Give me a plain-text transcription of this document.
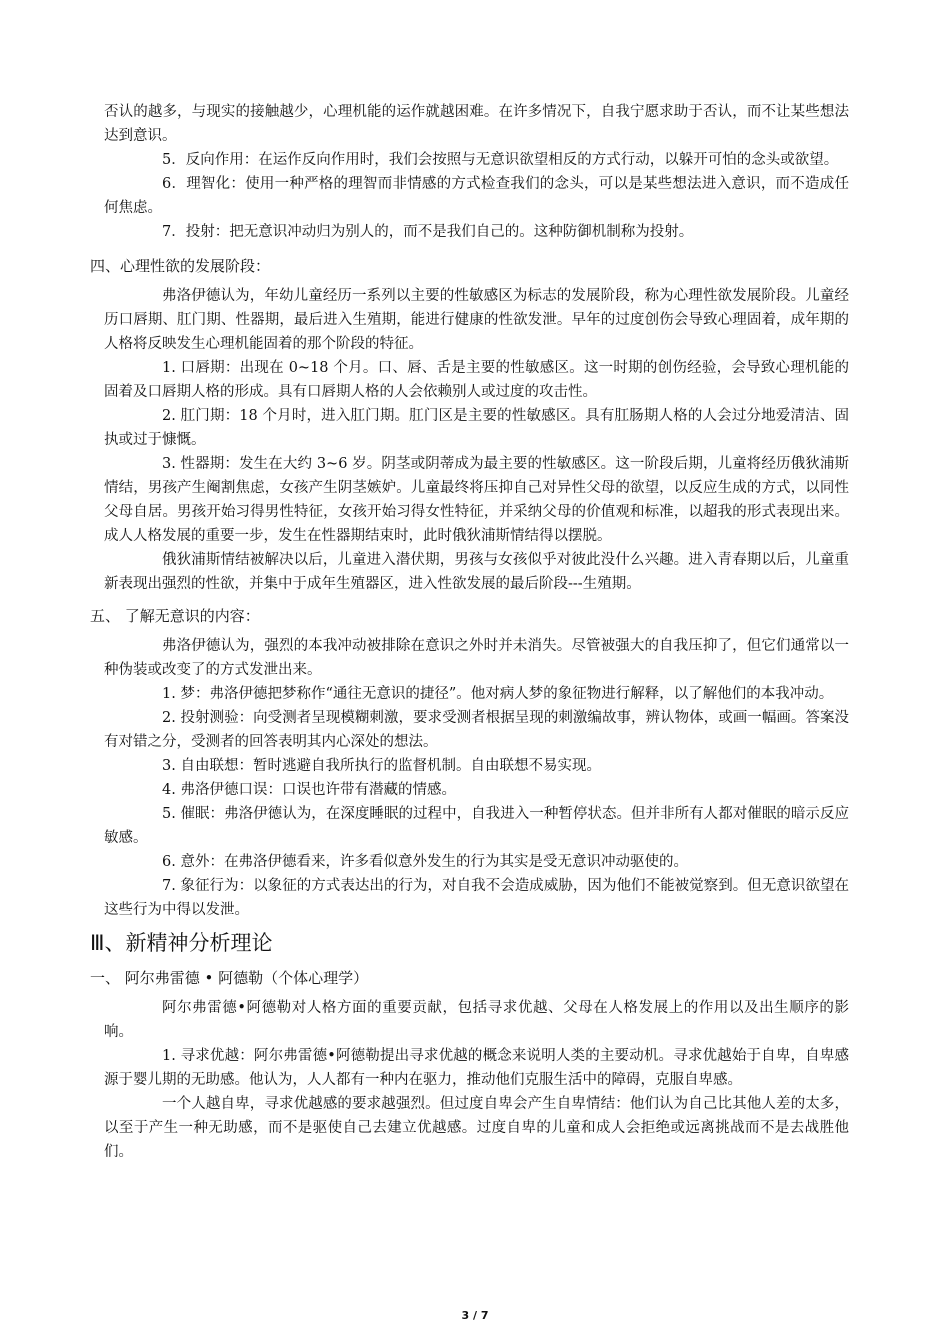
否认的越多，与现实的接触越少，心理机能的运作就越困难。在许多情况下，自我宁愿求助于否认，而不让某些想法达到意识。

5．反向作用：在运作反向作用时，我们会按照与无意识欲望相反的方式行动，以躲开可怕的念头或欲望。

6．理智化：使用一种严格的理智而非情感的方式检查我们的念头，可以是某些想法进入意识，而不造成任何焦虑。

7．投射：把无意识冲动归为别人的，而不是我们自己的。这种防御机制称为投射。

四、心理性欲的发展阶段：

弗洛伊德认为，年幼儿童经历一系列以主要的性敏感区为标志的发展阶段，称为心理性欲发展阶段。儿童经历口唇期、肛门期、性器期，最后进入生殖期，能进行健康的性欲发泄。早年的过度创伤会导致心理固着，成年期的人格将反映发生心理机能固着的那个阶段的特征。

1. 口唇期：出现在 0~18 个月。口、唇、舌是主要的性敏感区。这一时期的创伤经验，会导致心理机能的固着及口唇期人格的形成。具有口唇期人格的人会依赖别人或过度的攻击性。

2. 肛门期：18 个月时，进入肛门期。肛门区是主要的性敏感区。具有肛肠期人格的人会过分地爱清洁、固执或过于慷慨。

3. 性器期：发生在大约 3~6 岁。阴茎或阴蒂成为最主要的性敏感区。这一阶段后期，儿童将经历俄狄浦斯情结，男孩产生阉割焦虑，女孩产生阴茎嫉妒。儿童最终将压抑自己对异性父母的欲望，以反应生成的方式，以同性父母自居。男孩开始习得男性特征，女孩开始习得女性特征，并采纳父母的价值观和标准，以超我的形式表现出来。成人人格发展的重要一步，发生在性器期结束时，此时俄狄浦斯情结得以摆脱。

俄狄浦斯情结被解决以后，儿童进入潜伏期，男孩与女孩似乎对彼此没什么兴趣。进入青春期以后，儿童重新表现出强烈的性欲，并集中于成年生殖器区，进入性欲发展的最后阶段---生殖期。

五、 了解无意识的内容：

弗洛伊德认为，强烈的本我冲动被排除在意识之外时并未消失。尽管被强大的自我压抑了，但它们通常以一种伪装或改变了的方式发泄出来。

1. 梦：弗洛伊德把梦称作“通往无意识的捷径”。他对病人梦的象征物进行解释，以了解他们的本我冲动。

2. 投射测验：向受测者呈现模糊刺激，要求受测者根据呈现的刺激编故事，辨认物体，或画一幅画。答案没有对错之分，受测者的回答表明其内心深处的想法。

3. 自由联想：暂时逃避自我所执行的监督机制。自由联想不易实现。

4. 弗洛伊德口误：口误也许带有潜藏的情感。

5. 催眠：弗洛伊德认为，在深度睡眠的过程中，自我进入一种暂停状态。但并非所有人都对催眠的暗示反应敏感。

6. 意外：在弗洛伊德看来，许多看似意外发生的行为其实是受无意识冲动驱使的。

7. 象征行为：以象征的方式表达出的行为，对自我不会造成威胁，因为他们不能被觉察到。但无意识欲望在这些行为中得以发泄。

Ⅲ、新精神分析理论

一、 阿尔弗雷德 • 阿德勒（个体心理学）

阿尔弗雷德•阿德勒对人格方面的重要贡献，包括寻求优越、父母在人格发展上的作用以及出生顺序的影响。

1. 寻求优越：阿尔弗雷德•阿德勒提出寻求优越的概念来说明人类的主要动机。寻求优越始于自卑，自卑感源于婴儿期的无助感。他认为，人人都有一种内在驱力，推动他们克服生活中的障碍，克服自卑感。

一个人越自卑，寻求优越感的要求越强烈。但过度自卑会产生自卑情结：他们认为自己比其他人差的太多，以至于产生一种无助感，而不是驱使自己去建立优越感。过度自卑的儿童和成人会拒绝或远离挑战而不是去战胜他们。

3 / 7
